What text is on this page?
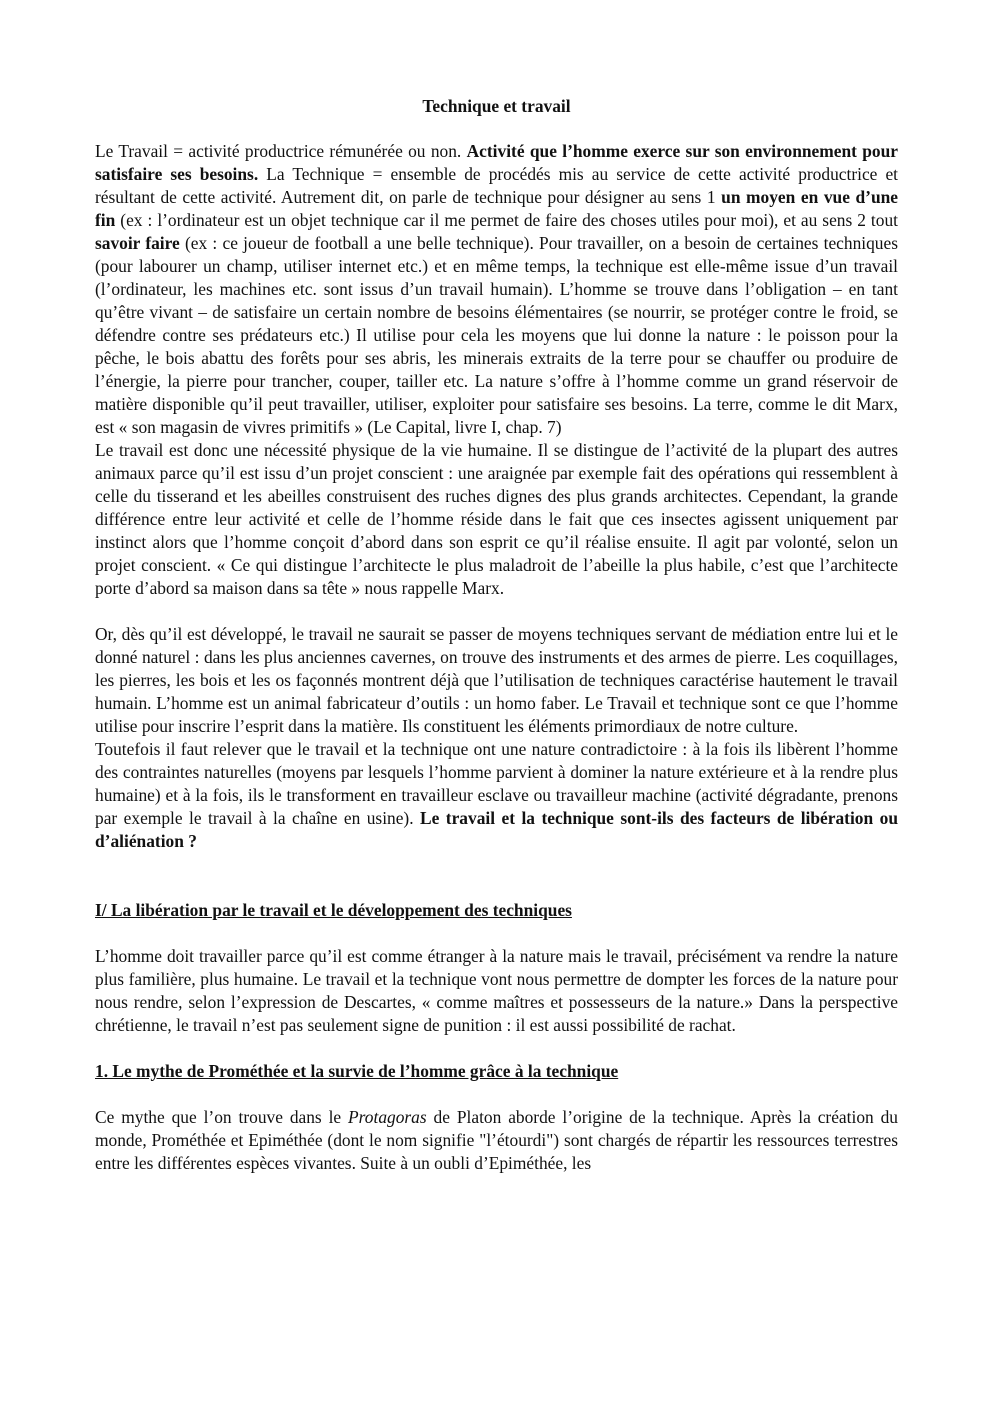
Technique et travail

Le Travail = activité productrice rémunérée ou non. Activité que l’homme exerce sur son environnement pour satisfaire ses besoins. La Technique = ensemble de procédés mis au service de cette activité productrice et résultant de cette activité. Autrement dit, on parle de technique pour désigner au sens 1 un moyen en vue d’une fin (ex : l’ordinateur est un objet technique car il me permet de faire des choses utiles pour moi), et au sens 2 tout savoir faire (ex : ce joueur de football a une belle technique). Pour travailler, on a besoin de certaines techniques (pour labourer un champ, utiliser internet etc.) et en même temps, la technique est elle-même issue d’un travail (l’ordinateur, les machines etc. sont issus d’un travail humain). L’homme se trouve dans l’obligation – en tant qu’être vivant – de satisfaire un certain nombre de besoins élémentaires (se nourrir, se protéger contre le froid, se défendre contre ses prédateurs etc.) Il utilise pour cela les moyens que lui donne la nature : le poisson pour la pêche, le bois abattu des forêts pour ses abris, les minerais extraits de la terre pour se chauffer ou produire de l’énergie, la pierre pour trancher, couper, tailler etc. La nature s’offre à l’homme comme un grand réservoir de matière disponible qu’il peut travailler, utiliser, exploiter pour satisfaire ses besoins. La terre, comme le dit Marx, est « son magasin de vivres primitifs » (Le Capital, livre I, chap. 7)

Le travail est donc une nécessité physique de la vie humaine. Il se distingue de l’activité de la plupart des autres animaux parce qu’il est issu d’un projet conscient : une araignée par exemple fait des opérations qui ressemblent à celle du tisserand et les abeilles construisent des ruches dignes des plus grands architectes. Cependant, la grande différence entre leur activité et celle de l’homme réside dans le fait que ces insectes agissent uniquement par instinct alors que l’homme conçoit d’abord dans son esprit ce qu’il réalise ensuite. Il agit par volonté, selon un projet conscient. « Ce qui distingue l’architecte le plus maladroit de l’abeille la plus habile, c’est que l’architecte porte d’abord sa maison dans sa tête » nous rappelle Marx.

Or, dès qu’il est développé, le travail ne saurait se passer de moyens techniques servant de médiation entre lui et le donné naturel : dans les plus anciennes cavernes, on trouve des instruments et des armes de pierre. Les coquillages, les pierres, les bois et les os façonnés montrent déjà que l’utilisation de techniques caractérise hautement le travail humain. L’homme est un animal fabricateur d’outils : un homo faber. Le Travail et technique sont ce que l’homme utilise pour inscrire l’esprit dans la matière. Ils constituent les éléments primordiaux de notre culture.

Toutefois il faut relever que le travail et la technique ont une nature contradictoire : à la fois ils libèrent l’homme des contraintes naturelles (moyens par lesquels l’homme parvient à dominer la nature extérieure et à la rendre plus humaine) et à la fois, ils le transforment en travailleur esclave ou travailleur machine (activité dégradante, prenons par exemple le travail à la chaîne en usine). Le travail et la technique sont-ils des facteurs de libération ou d’aliénation ?

I/ La libération par le travail et le développement des techniques

L’homme doit travailler parce qu’il est comme étranger à la nature mais le travail, précisément va rendre la nature plus familière, plus humaine. Le travail et la technique vont nous permettre de dompter les forces de la nature pour nous rendre, selon l’expression de Descartes, « comme maîtres et possesseurs de la nature.» Dans la perspective chrétienne, le travail n’est pas seulement signe de punition : il est aussi possibilité de rachat.

1. Le mythe de Prométhée et la survie de l’homme grâce à la technique

Ce mythe que l’on trouve dans le Protagoras de Platon aborde l’origine de la technique. Après la création du monde, Prométhée et Epiméthée (dont le nom signifie "l’étourdi") sont chargés de répartir les ressources terrestres entre les différentes espèces vivantes. Suite à un oubli d’Epiméthée, les
